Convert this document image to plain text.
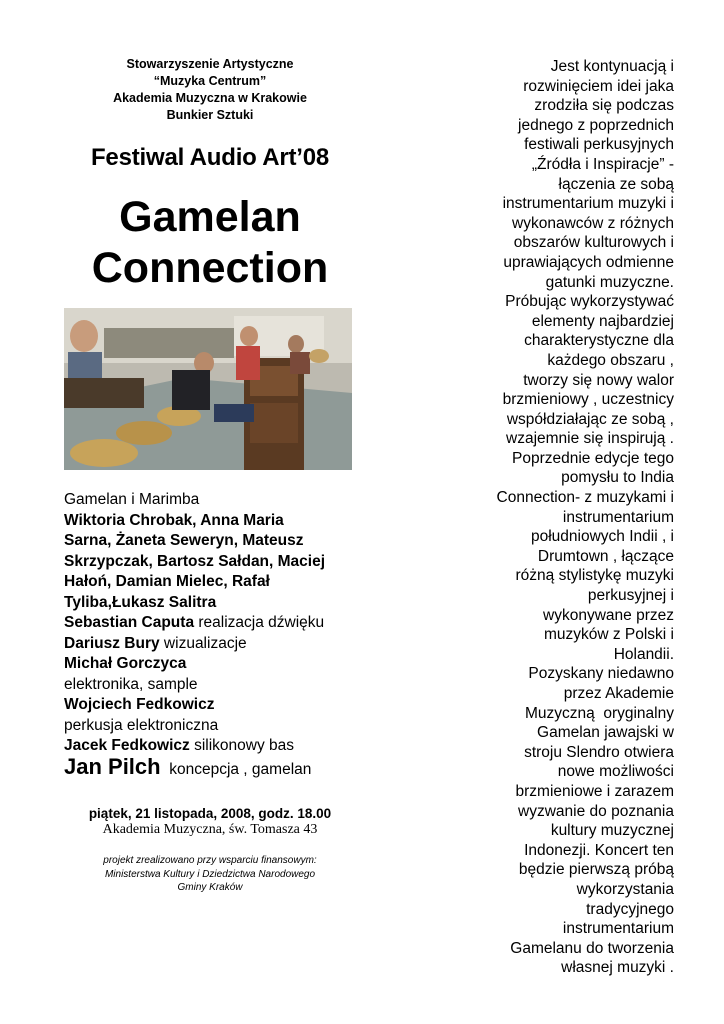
Stowarzyszenie Artystyczne
“Muzyka Centrum”
Akademia Muzyczna w Krakowie
Bunkier Sztuki
Festiwal Audio Art’08
Gamelan
Connection
Gamelan i Marimba
Wiktoria Chrobak, Anna Maria
Sarna, Żaneta Seweryn, Mateusz
Skrzypczak, Bartosz Sałdan, Maciej
Hałoń, Damian Mielec, Rafał
Tyliba,Łukasz Salitra
Sebastian Caputa realizacja dźwięku
Dariusz Bury wizualizacje
Michał Gorczyca
elektronika, sample
Wojciech Fedkowicz
perkusja elektroniczna
Jacek Fedkowicz silikonowy bas
Jan Pilch  koncepcja , gamelan
piątek, 21 listopada, 2008, godz. 18.00
Akademia Muzyczna, św. Tomasza 43
projekt zrealizowano przy wsparciu finansowym:
Ministerstwa Kultury i Dziedzictwa Narodowego
Gminy Kraków
Jest kontynuacją i
rozwinięciem idei jaka
zrodziła się podczas
jednego z poprzednich
festiwali perkusyjnych
„Źródła i Inspiracje” -
łączenia ze sobą
instrumentarium muzyki i
wykonawców z różnych
obszarów kulturowych i
uprawiających odmienne
gatunki muzyczne.
Próbując wykorzystywać
elementy najbardziej
charakterystyczne dla
każdego obszaru ,
tworzy się nowy walor
brzmieniowy , uczestnicy
współdziałając ze sobą ,
wzajemnie się inspirują .
Poprzednie edycje tego
pomysłu to India
Connection- z muzykami i
instrumentarium
południowych Indii , i
Drumtown , łączące
różną stylistykę muzyki
perkusyjnej i
wykonywane przez
muzyków z Polski i
Holandii.
Pozyskany niedawno
przez Akademie
Muzyczną  oryginalny
Gamelan jawajski w
stroju Slendro otwiera
nowe możliwości
brzmieniowe i zarazem
wyzwanie do poznania
kultury muzycznej
Indonezji. Koncert ten
będzie pierwszą próbą
wykorzystania
tradycyjnego
instrumentarium
Gamelanu do tworzenia
własnej muzyki .
